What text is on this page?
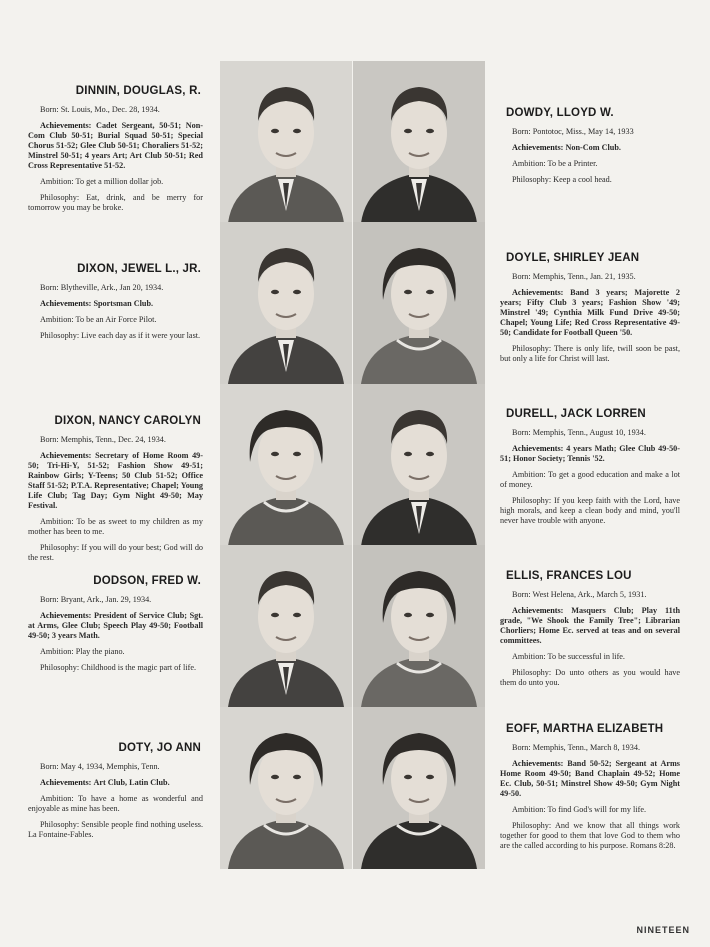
DINNIN, DOUGLAS, R.

Born: St. Louis, Mo., Dec. 28, 1934.

Achievements: Cadet Sergeant, 50-51; Non-Com Club 50-51; Burial Squad 50-51; Special Chorus 51-52; Glee Club 50-51; Choraliers 51-52; Minstrel 50-51; 4 years Art; Art Club 50-51; Red Cross Representative 51-52.

Ambition: To get a million dollar job.

Philosophy: Eat, drink, and be merry for tomorrow you may be broke.

DOWDY, LLOYD W.

Born: Pontotoc, Miss., May 14, 1933

Achievements: Non-Com Club.

Ambition: To be a Printer.

Philosophy: Keep a cool head.

DIXON, JEWEL L., JR.

Born: Blytheville, Ark., Jan 20, 1934.

Achievements: Sportsman Club.

Ambition: To be an Air Force Pilot.

Philosophy: Live each day as if it were your last.

DOYLE, SHIRLEY JEAN

Born: Memphis, Tenn., Jan. 21, 1935.

Achievements: Band 3 years; Majorette 2 years; Fifty Club 3 years; Fashion Show '49; Minstrel '49; Cynthia Milk Fund Drive 49-50; Chapel; Young Life; Red Cross Representative 49-50; Candidate for Football Queen '50.

Philosophy: There is only life, twill soon be past, but only a life for Christ will last.

DIXON, NANCY CAROLYN

Born: Memphis, Tenn., Dec. 24, 1934.

Achievements: Secretary of Home Room 49-50; Tri-Hi-Y, 51-52; Fashion Show 49-51; Rainbow Girls; Y-Teens; 50 Club 51-52; Office Staff 51-52; P.T.A. Representative; Chapel; Young Life Club; Tag Day; Gym Night 49-50; May Festival.

Ambition: To be as sweet to my children as my mother has been to me.

Philosophy: If you will do your best; God will do the rest.

DURELL, JACK LORREN

Born: Memphis, Tenn., August 10, 1934.

Achievements: 4 years Math; Glee Club 49-50-51; Honor Society; Tennis '52.

Ambition: To get a good education and make a lot of money.

Philosophy: If you keep faith with the Lord, have high morals, and keep a clean body and mind, you'll never have trouble with anyone.

DODSON, FRED W.

Born: Bryant, Ark., Jan. 29, 1934.

Achievements: President of Service Club; Sgt. at Arms, Glee Club; Speech Play 49-50; Football 49-50; 3 years Math.

Ambition: Play the piano.

Philosophy: Childhood is the magic part of life.

ELLIS, FRANCES LOU

Born: West Helena, Ark., March 5, 1931.

Achievements: Masquers Club; Play 11th grade, "We Shook the Family Tree"; Librarian Chorliers; Home Ec. served at teas and on several committees.

Ambition: To be successful in life.

Philosophy: Do unto others as you would have them do unto you.

DOTY, JO ANN

Born: May 4, 1934, Memphis, Tenn.

Achievements: Art Club, Latin Club.

Ambition: To have a home as wonderful and enjoyable as mine has been.

Philosophy: Sensible people find nothing useless. La Fontaine-Fables.

EOFF, MARTHA ELIZABETH

Born: Memphis, Tenn., March 8, 1934.

Achievements: Band 50-52; Sergeant at Arms Home Room 49-50; Band Chaplain 49-52; Home Ec. Club, 50-51; Minstrel Show 49-50; Gym Night 49-50.

Ambition: To find God's will for my life.

Philosophy: And we know that all things work together for good to them that love God to them who are the called according to his purpose. Romans 8:28.

NINETEEN
